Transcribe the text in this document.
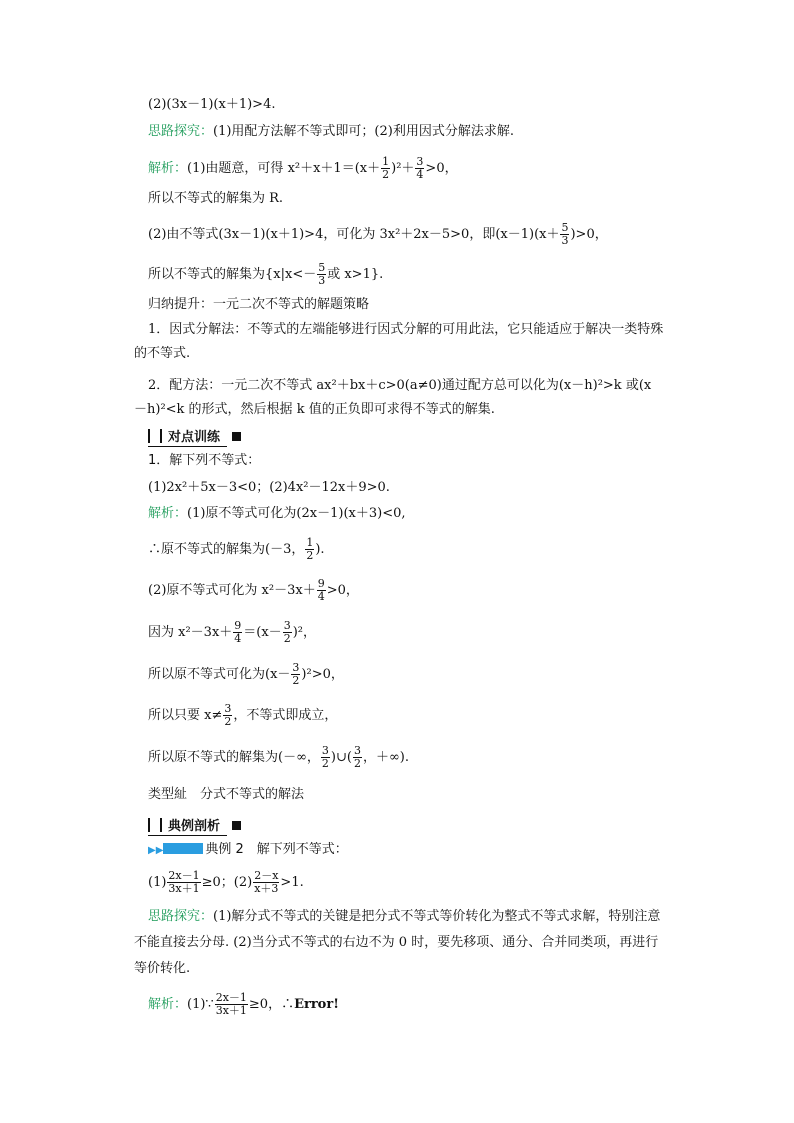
(2)(3x－1)(x＋1)>4.
思路探究：(1)用配方法解不等式即可；(2)利用因式分解法求解.
解析：(1)由题意，可得 $x^2+x+1=(x+ \frac{1}{2} )^2+ \frac{3}{4} >0$，
所以不等式的解集为 R.
(2)由不等式(3x－1)(x＋1)>4，可化为 3x²＋2x－5>0，即$(x-1)(x+ \frac{5}{3} )>0$，
所以不等式的解集为{$x|x<- \frac{5}{3}$ 或 x>1}.
归纳提升：一元二次不等式的解题策略
1．因式分解法：不等式的左端能够进行因式分解的可用此法，它只能适应于解决一类特殊的不等式.
2．配方法：一元二次不等式 ax²＋bx＋c>0(a≠0)通过配方总可以化为(x－h)²>k 或(x－h)²<k 的形式，然后根据 k 值的正负即可求得不等式的解集.
对点训练
1．解下列不等式：
(1)2x²＋5x－3<0；(2)4x²－12x＋9>0.
解析：(1)原不等式可化为(2x－1)(x＋3)<0,
∴原不等式的解集为(－3， $\frac{1}{2}$ ).
(2)原不等式可化为 $x^2-3x+ \frac{9}{4} >0$，
因为 $x^2-3x+ \frac{9}{4} =(x- \frac{3}{2} )^2$，
所以原不等式可化为$(x- \frac{3}{2} )^2>0$，
所以只要 $x\ne \frac{3}{2}$ ，不等式即成立，
所以原不等式的解集为(－∞， $\frac{3}{2}$ )∪( $\frac{3}{2}$ ，＋∞).
类型䊼　分式不等式的解法
典例剖析
▶▶	典例 2　解下列不等式：
$(1) \frac{2x-1}{3x+1} \ge 0$；$(2) \frac{2-x}{x+3} >1$.
思路探究：(1)解分式不等式的关键是把分式不等式等价转化为整式不等式求解，特别注意不能直接去分母. (2)当分式不等式的右边不为 0 时，要先移项、通分、合并同类项，再进行等价转化.
解析：(1)∵ $\frac{2x-1}{3x+1} \ge 0$，∴Error!
